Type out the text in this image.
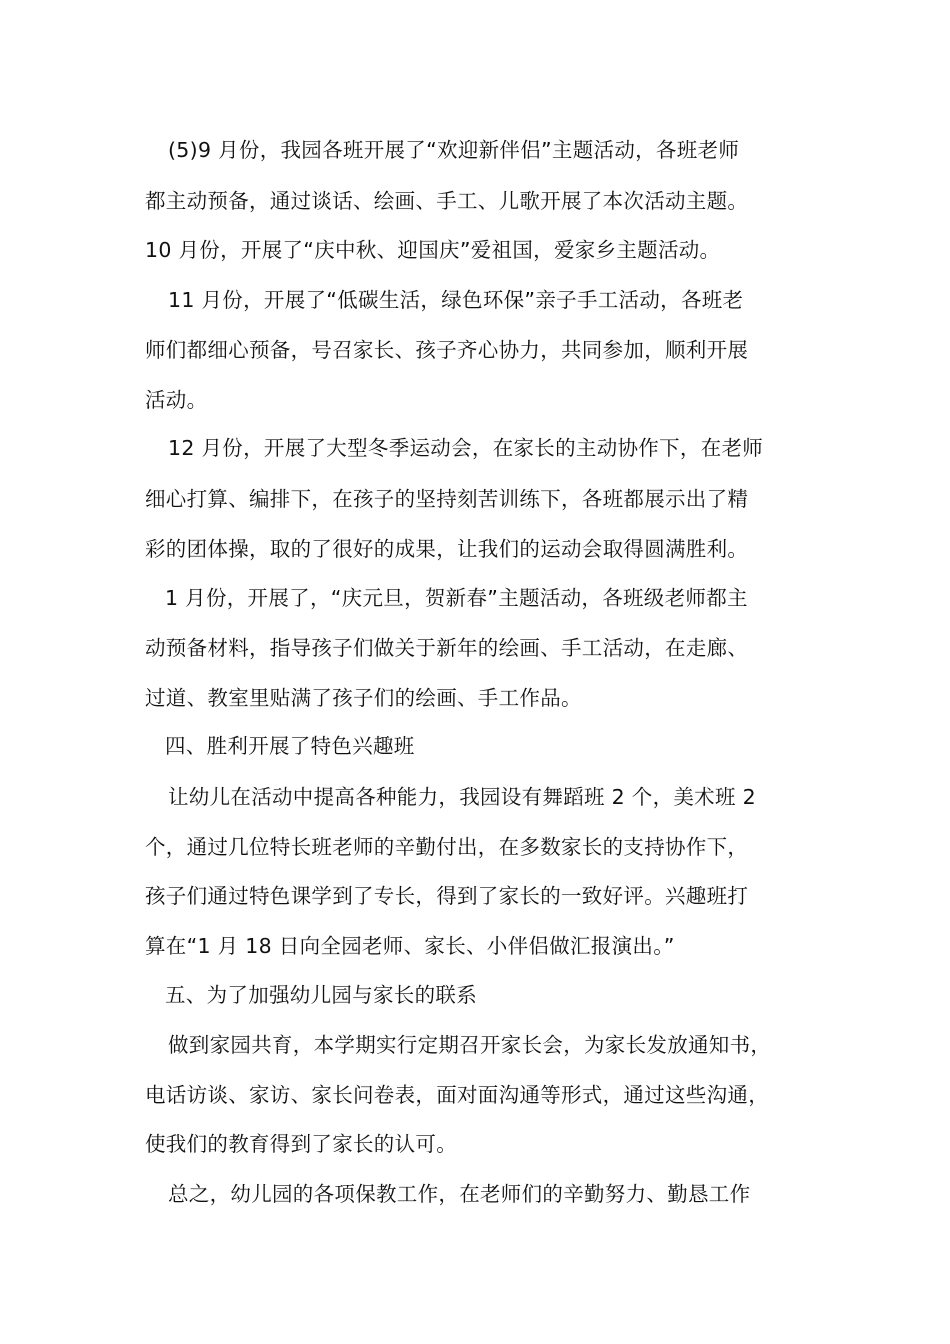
(5)9 月份，我园各班开展了“欢迎新伴侣”主题活动，各班老师
都主动预备，通过谈话、绘画、手工、儿歌开展了本次活动主题。
10 月份，开展了“庆中秋、迎国庆”爱祖国，爱家乡主题活动。
11 月份，开展了“低碳生活，绿色环保”亲子手工活动，各班老
师们都细心预备，号召家长、孩子齐心协力，共同参加，顺利开展
活动。
12 月份，开展了大型冬季运动会，在家长的主动协作下，在老师
细心打算、编排下，在孩子的坚持刻苦训练下，各班都展示出了精
彩的团体操，取的了很好的成果，让我们的运动会取得圆满胜利。
1 月份，开展了，“庆元旦，贺新春”主题活动，各班级老师都主
动预备材料，指导孩子们做关于新年的绘画、手工活动，在走廊、
过道、教室里贴满了孩子们的绘画、手工作品。
四、胜利开展了特色兴趣班
让幼儿在活动中提高各种能力，我园设有舞蹈班 2 个，美术班 2
个，通过几位特长班老师的辛勤付出，在多数家长的支持协作下，
孩子们通过特色课学到了专长，得到了家长的一致好评。兴趣班打
算在“1 月 18 日向全园老师、家长、小伴侣做汇报演出。”
五、为了加强幼儿园与家长的联系
做到家园共育，本学期实行定期召开家长会，为家长发放通知书，
电话访谈、家访、家长问卷表，面对面沟通等形式，通过这些沟通，
使我们的教育得到了家长的认可。
总之，幼儿园的各项保教工作，在老师们的辛勤努力、勤恳工作
